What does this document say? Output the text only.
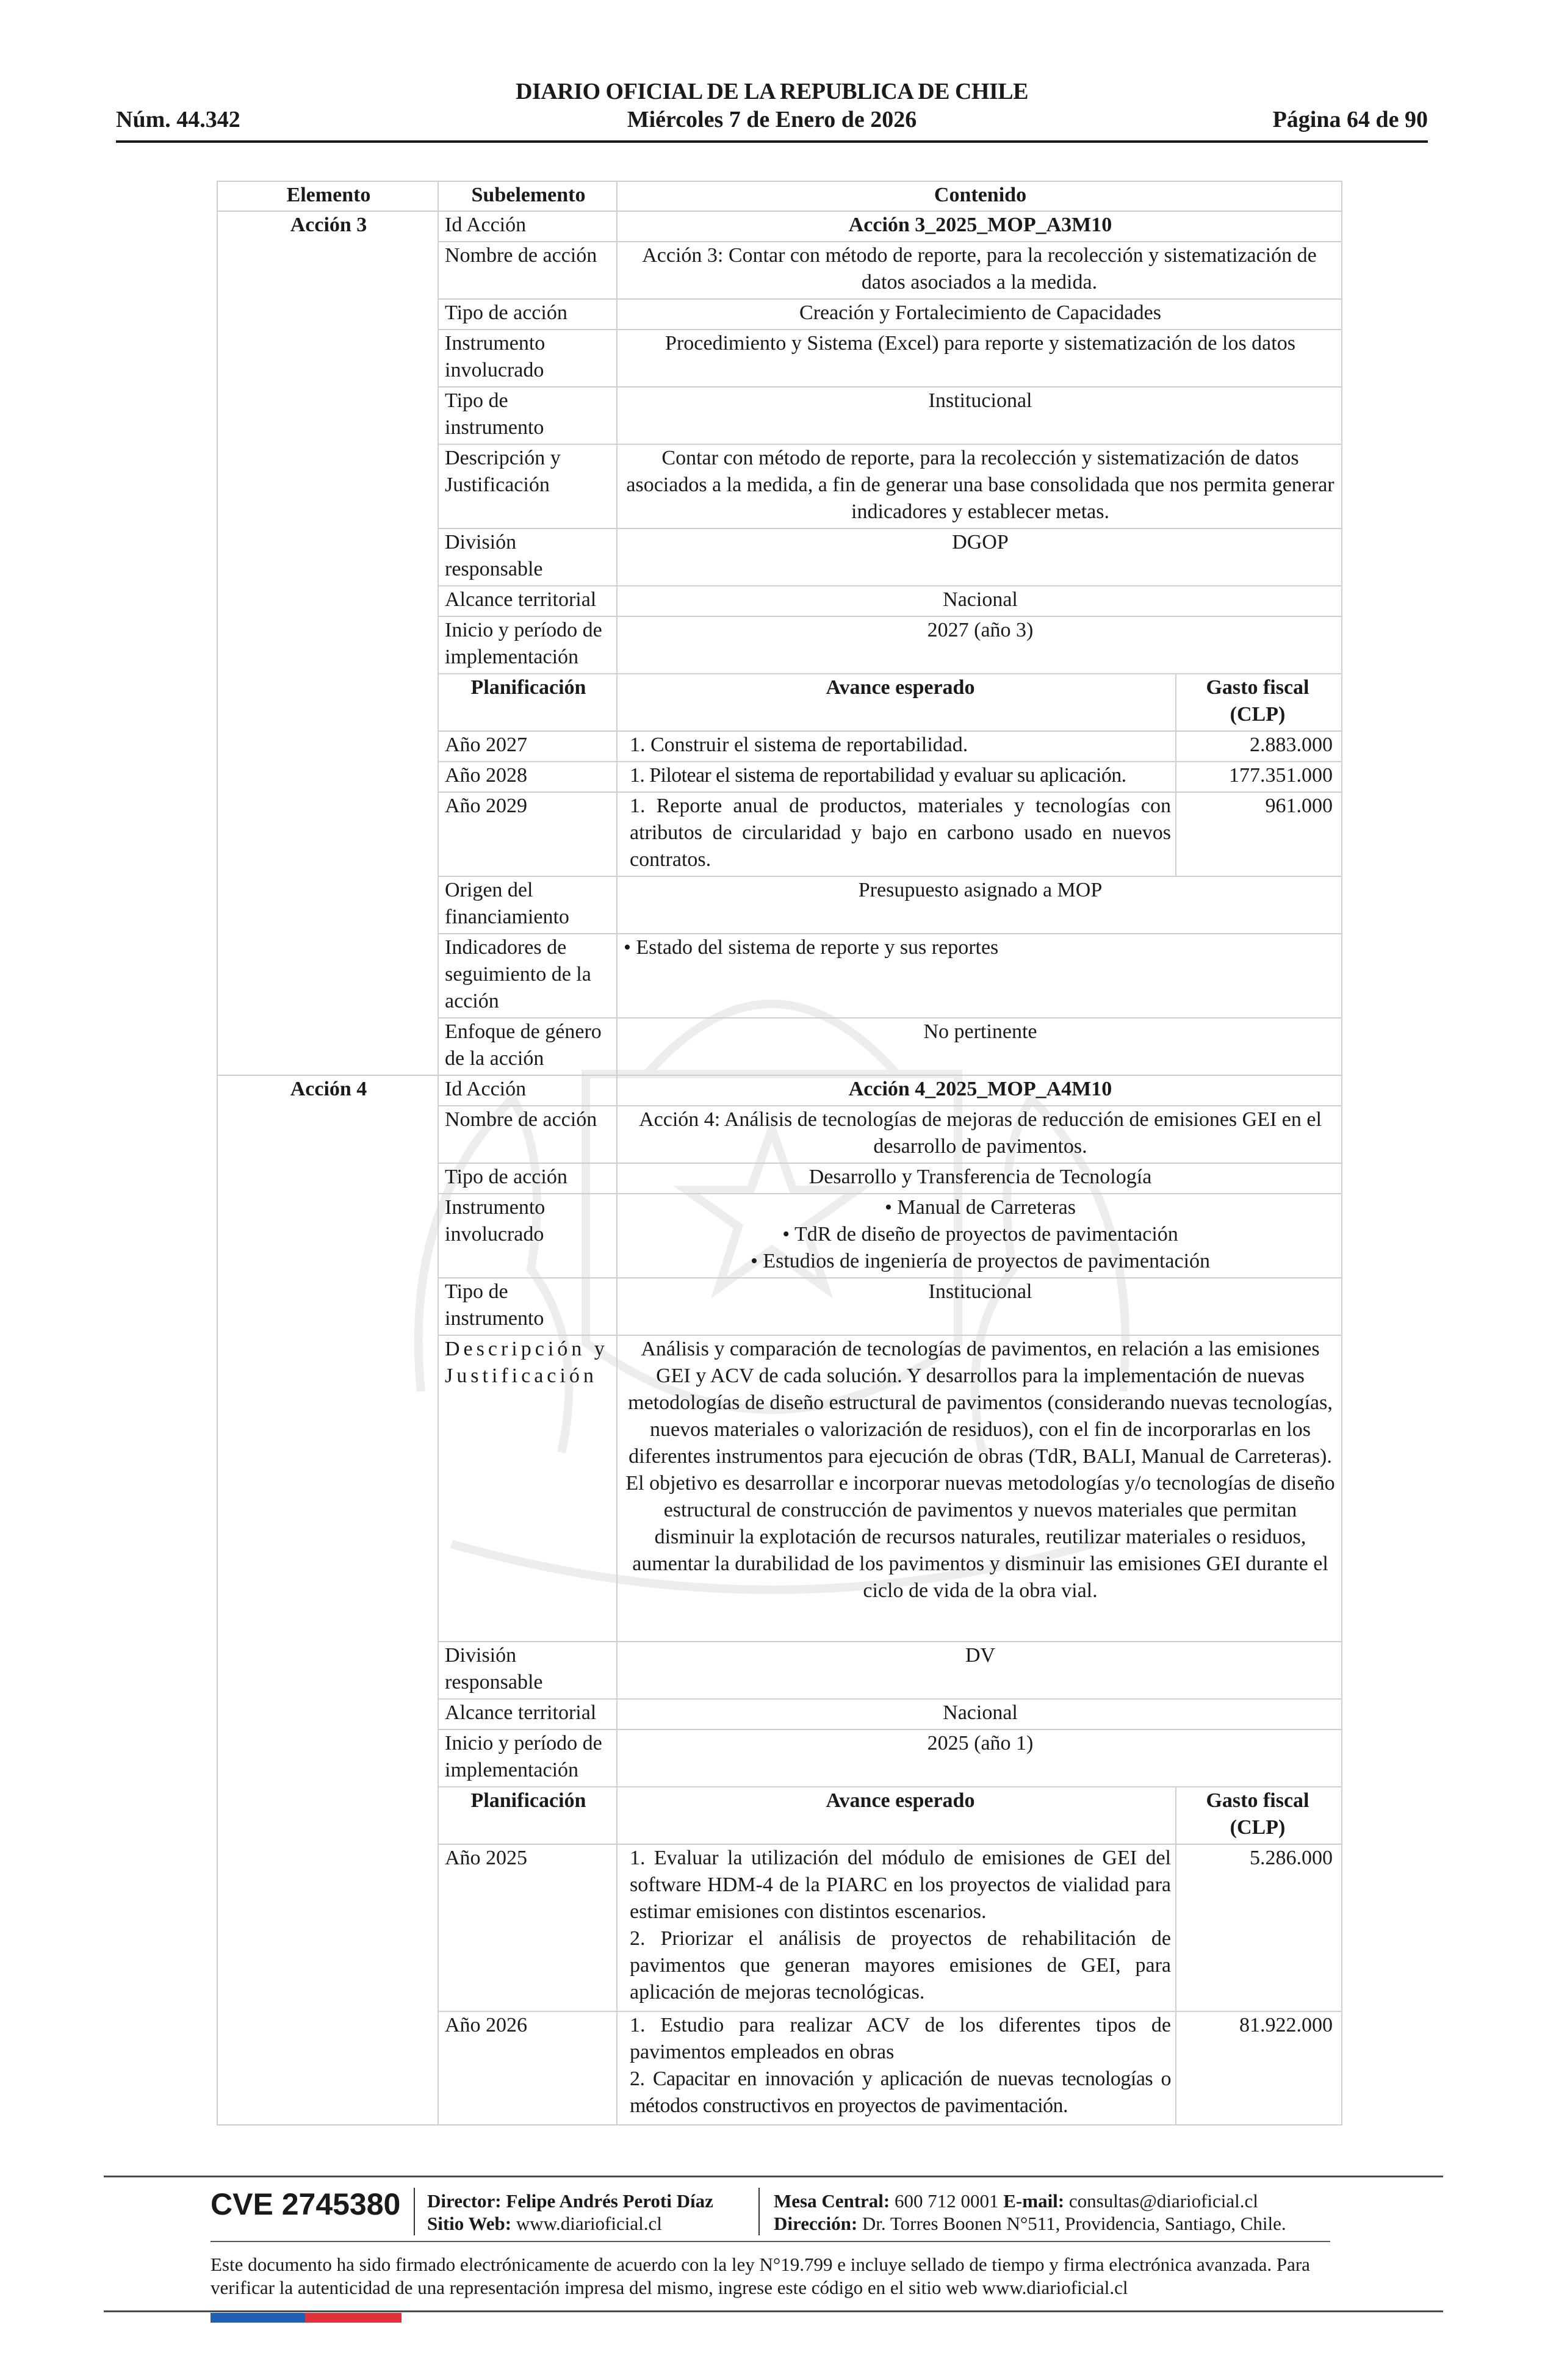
DIARIO OFICIAL DE LA REPUBLICA DE CHILE
Núm. 44.342	Miércoles 7 de Enero de 2026	Página 64 de 90
Elemento	Subelemento	Contenido
Acción 3	Id Acción	Acción 3_2025_MOP_A3M10
	Nombre de acción	Acción 3: Contar con método de reporte, para la recolección y sistematización de datos asociados a la medida.
	Tipo de acción	Creación y Fortalecimiento de Capacidades
	Instrumento involucrado	Procedimiento y Sistema (Excel) para reporte y sistematización de los datos
	Tipo de instrumento	Institucional
	Descripción y Justificación	Contar con método de reporte, para la recolección y sistematización de datos asociados a la medida, a fin de generar una base consolidada que nos permita generar indicadores y establecer metas.
	División responsable	DGOP
	Alcance territorial	Nacional
	Inicio y período de implementación	2027 (año 3)
	Planificación		Avance esperado	Gasto fiscal (CLP)

	Año 2027		1. Construir el sistema de reportabilidad.	2.883.000

	Año 2028		1. Pilotear el sistema de reportabilidad y evaluar su aplicación.	177.351.000

	Año 2029		1. Reporte anual de productos, materiales y tecnologías con atributos de circularidad y bajo en carbono usado en nuevos contratos.	961.000

	Origen del financiamiento	Presupuesto asignado a MOP
	Indicadores de seguimiento de la acción	• Estado del sistema de reporte y sus reportes
	Enfoque de género de la acción	No pertinente
Acción 4	Id Acción	Acción 4_2025_MOP_A4M10
	Nombre de acción	Acción 4: Análisis de tecnologías de mejoras de reducción de emisiones GEI en el desarrollo de pavimentos.
	Tipo de acción	Desarrollo y Transferencia de Tecnología
	Instrumento involucrado	
• Manual de Carreteras
• TdR de diseño de proyectos de pavimentación
• Estudios de ingeniería de proyectos de pavimentación

	Tipo de instrumento	Institucional
	Descripción y Justificación	Análisis y comparación de tecnologías de pavimentos, en relación a las emisiones GEI y ACV de cada solución. Y desarrollos para la implementación de nuevas metodologías de diseño estructural de pavimentos (considerando nuevas tecnologías, nuevos materiales o valorización de residuos), con el fin de incorporarlas en los diferentes instrumentos para ejecución de obras (TdR, BALI, Manual de Carreteras). El objetivo es desarrollar e incorporar nuevas metodologías y/o tecnologías de diseño estructural de construcción de pavimentos y nuevos materiales que permitan disminuir la explotación de recursos naturales, reutilizar materiales o residuos, aumentar la durabilidad de los pavimentos y disminuir las emisiones GEI durante el ciclo de vida de la obra vial.
	División responsable	DV
	Alcance territorial	Nacional
	Inicio y período de implementación	2025 (año 1)
	Planificación		Avance esperado	Gasto fiscal (CLP)

	Año 2025		1. Evaluar la utilización del módulo de emisiones de GEI del software HDM-4 de la PIARC en los proyectos de vialidad para estimar emisiones con distintos escenarios.
2. Priorizar el análisis de proyectos de rehabilitación de pavimentos que generan mayores emisiones de GEI, para aplicación de mejoras tecnológicas.
	5.286.000

	Año 2026		1. Estudio para realizar ACV de los diferentes tipos de pavimentos empleados en obras
2. Capacitar en innovación y aplicación de nuevas tecnologías o métodos constructivos en proyectos de pavimentación.
	81.922.000
CVE 2745380 Director: Felipe Andrés Peroti Díaz
Sitio Web: www.diarioficial.cl
Mesa Central: 600 712 0001 E-mail: consultas@diarioficial.cl
Dirección: Dr. Torres Boonen N°511, Providencia, Santiago, Chile.
Este documento ha sido firmado electrónicamente de acuerdo con la ley N°19.799 e incluye sellado de tiempo y firma electrónica avanzada. Para verificar la autenticidad de una representación impresa del mismo, ingrese este código en el sitio web www.diarioficial.cl
